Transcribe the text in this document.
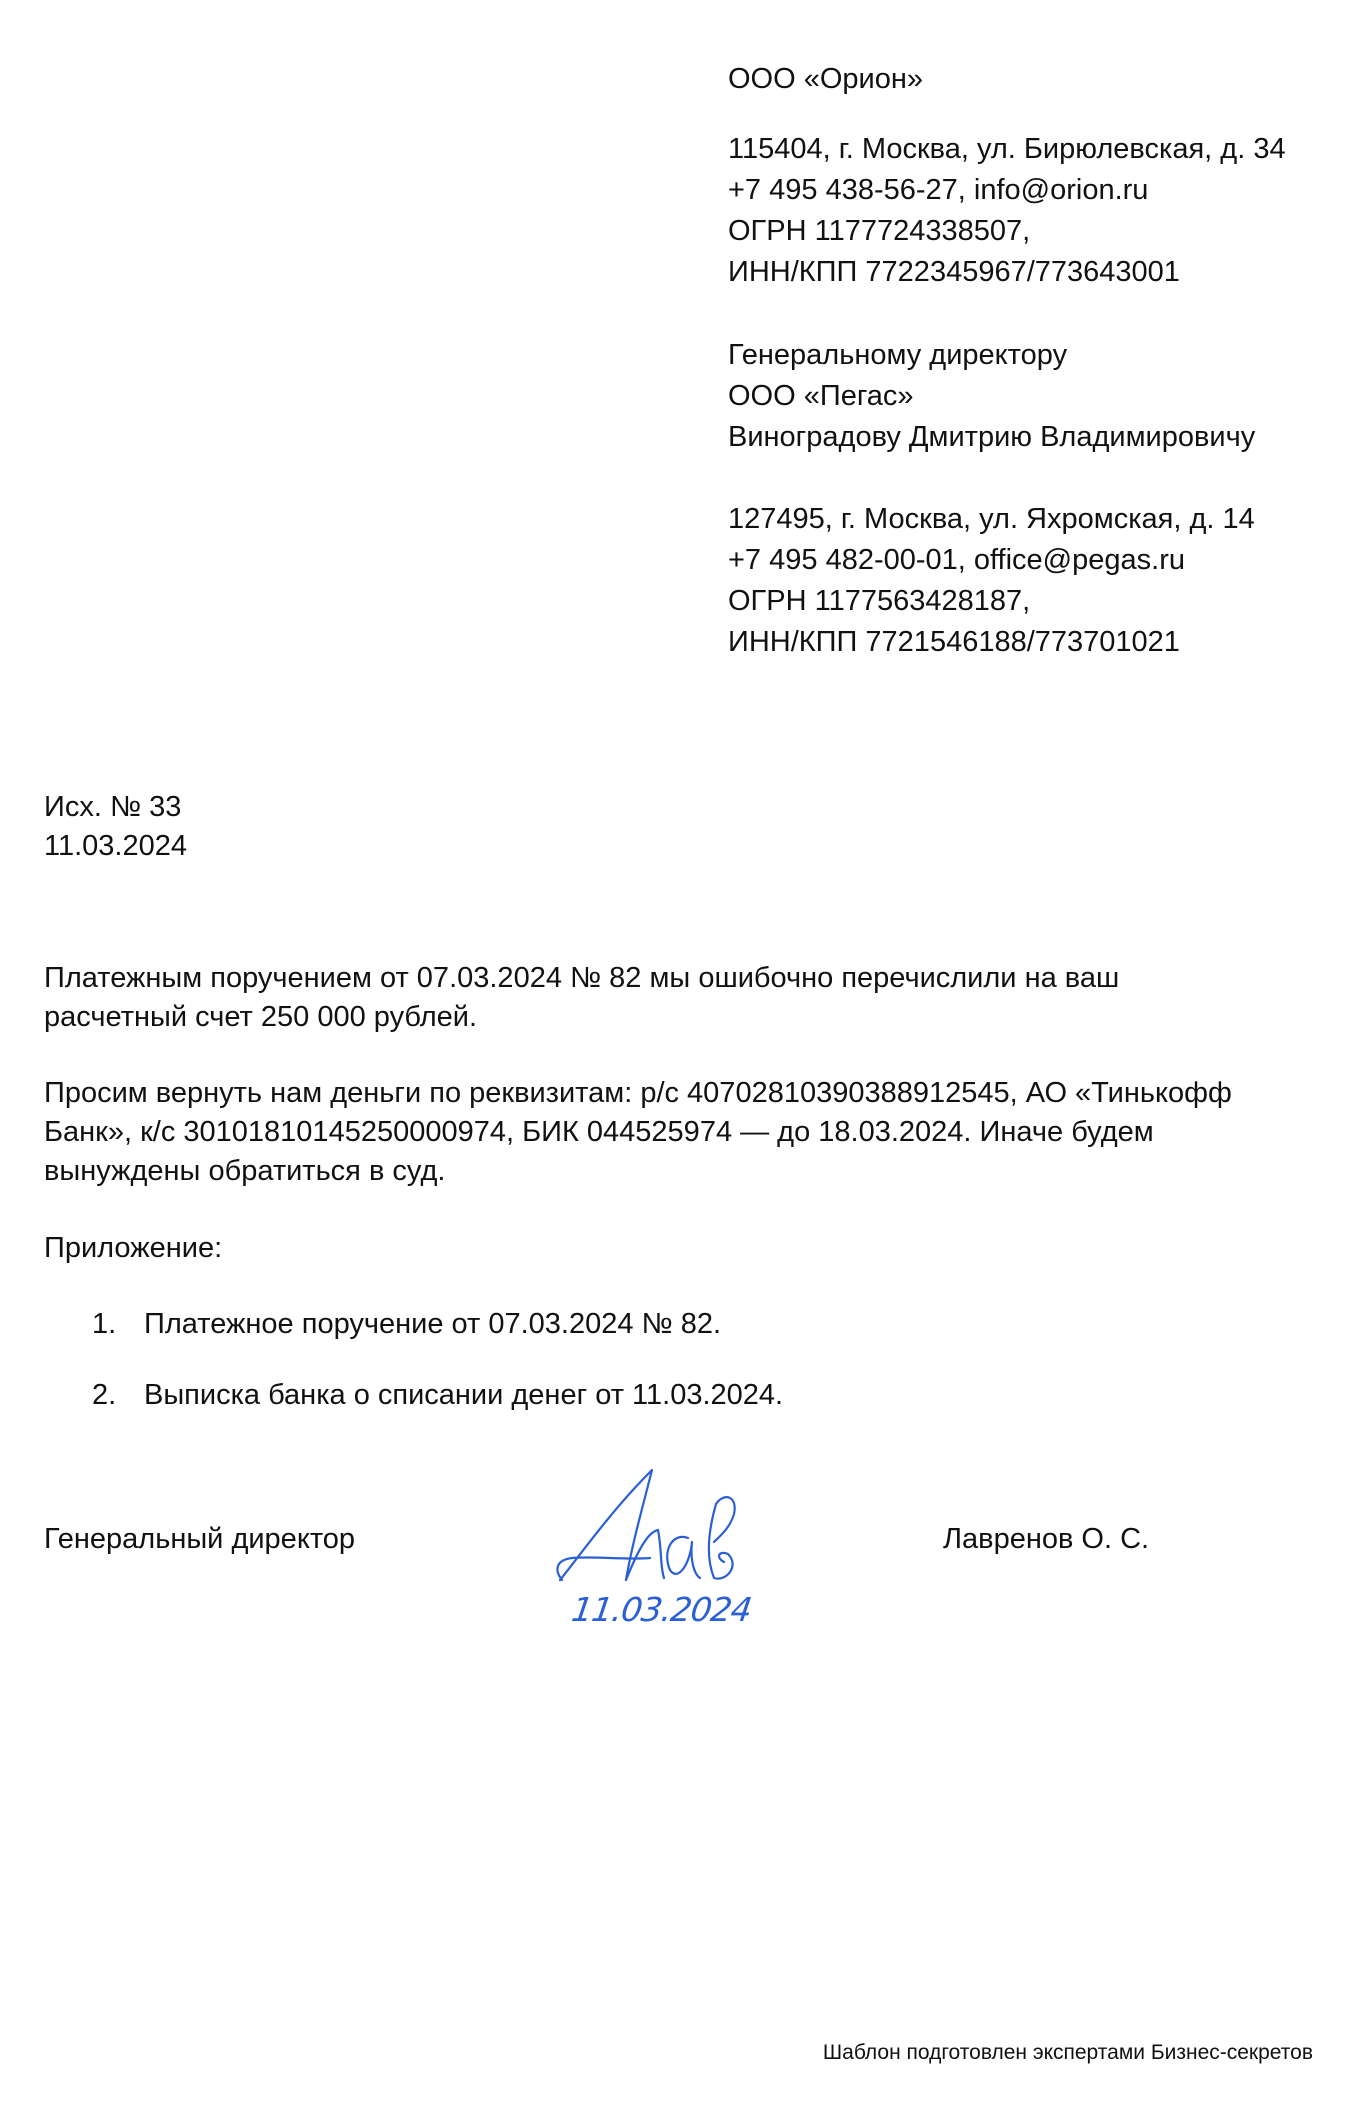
ООО «Орион»
115404, г. Москва, ул. Бирюлевская, д. 34
+7 495 438-56-27, info@orion.ru
ОГРН 1177724338507,
ИНН/КПП 7722345967/773643001
Генеральному директору
ООО «Пегас»
Виноградову Дмитрию Владимировичу
127495, г. Москва, ул. Яхромская, д. 14
+7 495 482-00-01, office@pegas.ru
ОГРН 1177563428187,
ИНН/КПП 7721546188/773701021
Исх. № 33
11.03.2024
Платежным поручением от 07.03.2024 № 82 мы ошибочно перечислили на ваш
расчетный счет 250 000 рублей.
Просим вернуть нам деньги по реквизитам: р/с 40702810390388912545, АО «Тинькофф
Банк», к/с 30101810145250000974, БИК 044525974 — до 18.03.2024. Иначе будем
вынуждены обратиться в суд.
Приложение:
1. Платежное поручение от 07.03.2024 № 82.
2. Выписка банка о списании денег от 11.03.2024.
Генеральный директор
11.03.2024
Лавренов О. С.
Шаблон подготовлен экспертами Бизнес-секретов
